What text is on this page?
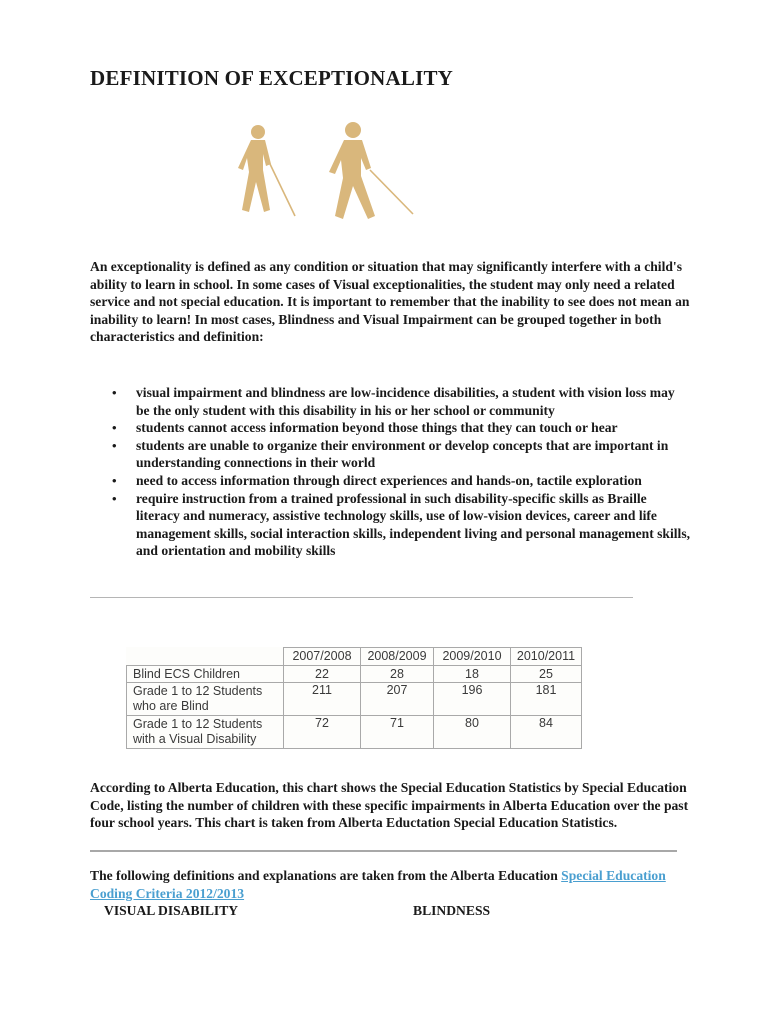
DEFINITION OF EXCEPTIONALITY

An exceptionality is defined as any condition or situation that may significantly interfere with a child's ability to learn in school. In some cases of Visual exceptionalities, the student may only need a related service and not special education. It is important to remember that the inability to see does not mean an inability to learn! In most cases, Blindness and Visual Impairment can be grouped together in both characteristics and definition:

• visual impairment and blindness are low-incidence disabilities, a student with vision loss may be the only student with this disability in his or her school or community
• students cannot access information beyond those things that they can touch or hear
• students are unable to organize their environment or develop concepts that are important in understanding connections in their world
• need to access information through direct experiences and hands-on, tactile exploration
• require instruction from a trained professional in such disability-specific skills as Braille literacy and numeracy, assistive technology skills, use of low-vision devices, career and life management skills, social interaction skills, independent living and personal management skills, and orientation and mobility skills
	2007/2008	2008/2009	2009/2010	2010/2011
Blind ECS Children	22	28	18	25
Grade 1 to 12 Students
who are Blind	211	207	196	181
Grade 1 to 12 Students
with a Visual Disability	72	71	80	84

According to Alberta Education, this chart shows the Special Education Statistics by Special Education Code, listing the number of children with these specific impairments in Alberta Education over the past four school years. This chart is taken from Alberta Eductation Special Education Statistics.

The following definitions and explanations are taken from the Alberta Education Special Education Coding Criteria 2012/2013

VISUAL DISABILITY	BLINDNESS
